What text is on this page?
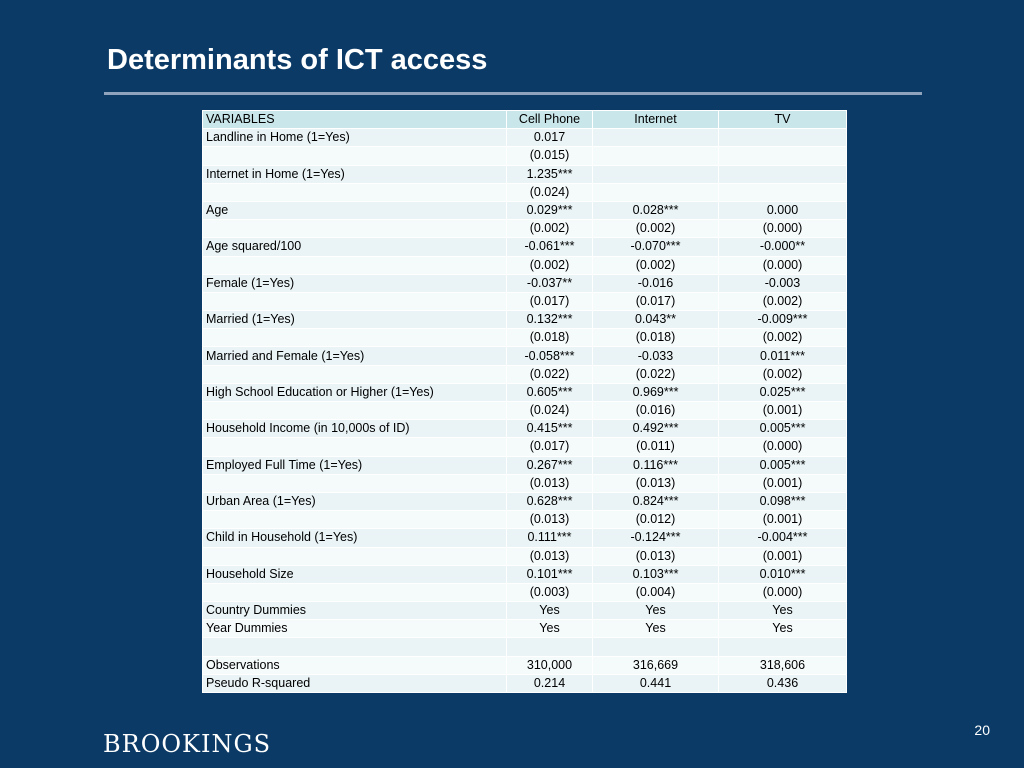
Determinants of ICT access
VARIABLES	Cell Phone	Internet	TV
Landline in Home (1=Yes)	0.017		
	(0.015)		
Internet in Home (1=Yes)	1.235***		
	(0.024)		
Age	0.029***	0.028***	0.000
	(0.002)	(0.002)	(0.000)
Age squared/100	-0.061***	-0.070***	-0.000**
	(0.002)	(0.002)	(0.000)
Female (1=Yes)	-0.037**	-0.016	-0.003
	(0.017)	(0.017)	(0.002)
Married (1=Yes)	0.132***	0.043**	-0.009***
	(0.018)	(0.018)	(0.002)
Married and Female (1=Yes)	-0.058***	-0.033	0.011***
	(0.022)	(0.022)	(0.002)
High School Education or Higher (1=Yes)	0.605***	0.969***	0.025***
	(0.024)	(0.016)	(0.001)
Household Income (in 10,000s of ID)	0.415***	0.492***	0.005***
	(0.017)	(0.011)	(0.000)
Employed Full Time (1=Yes)	0.267***	0.116***	0.005***
	(0.013)	(0.013)	(0.001)
Urban Area (1=Yes)	0.628***	0.824***	0.098***
	(0.013)	(0.012)	(0.001)
Child in Household (1=Yes)	0.111***	-0.124***	-0.004***
	(0.013)	(0.013)	(0.001)
Household Size	0.101***	0.103***	0.010***
	(0.003)	(0.004)	(0.000)
Country Dummies	Yes	Yes	Yes
Year Dummies	Yes	Yes	Yes

Observations	310,000	316,669	318,606
Pseudo R-squared	0.214	0.441	0.436
BROOKINGS	20
